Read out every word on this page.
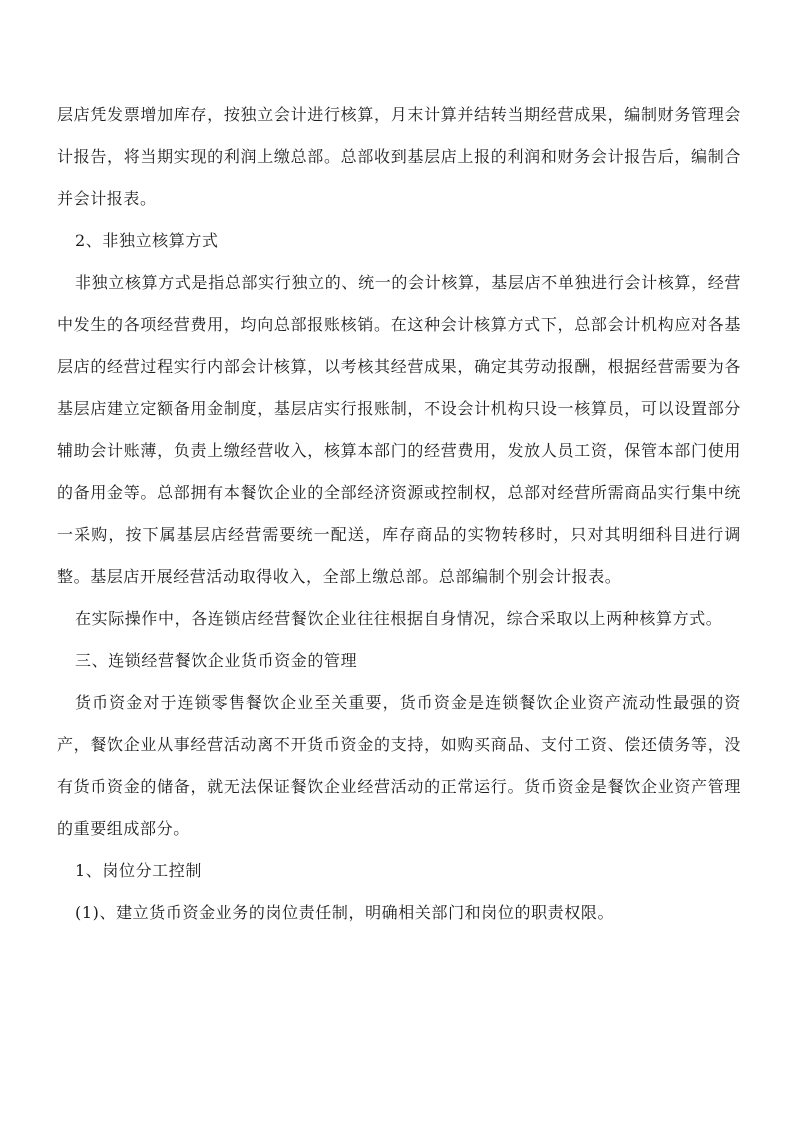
层店凭发票增加库存，按独立会计进行核算，月末计算并结转当期经营成果，编制财务管理会计报告，将当期实现的利润上缴总部。总部收到基层店上报的利润和财务会计报告后，编制合并会计报表。

2、非独立核算方式

非独立核算方式是指总部实行独立的、统一的会计核算，基层店不单独进行会计核算，经营中发生的各项经营费用，均向总部报账核销。在这种会计核算方式下，总部会计机构应对各基层店的经营过程实行内部会计核算，以考核其经营成果，确定其劳动报酬，根据经营需要为各基层店建立定额备用金制度，基层店实行报账制，不设会计机构只设一核算员，可以设置部分辅助会计账薄，负责上缴经营收入，核算本部门的经营费用，发放人员工资，保管本部门使用的备用金等。总部拥有本餐饮企业的全部经济资源或控制权，总部对经营所需商品实行集中统一采购，按下属基层店经营需要统一配送，库存商品的实物转移时，只对其明细科目进行调整。基层店开展经营活动取得收入，全部上缴总部。总部编制个别会计报表。

在实际操作中，各连锁店经营餐饮企业往往根据自身情况，综合采取以上两种核算方式。

三、连锁经营餐饮企业货币资金的管理

货币资金对于连锁零售餐饮企业至关重要，货币资金是连锁餐饮企业资产流动性最强的资产，餐饮企业从事经营活动离不开货币资金的支持，如购买商品、支付工资、偿还债务等，没有货币资金的储备，就无法保证餐饮企业经营活动的正常运行。货币资金是餐饮企业资产管理的重要组成部分。

1、岗位分工控制

(1)、建立货币资金业务的岗位责任制，明确相关部门和岗位的职责权限。
